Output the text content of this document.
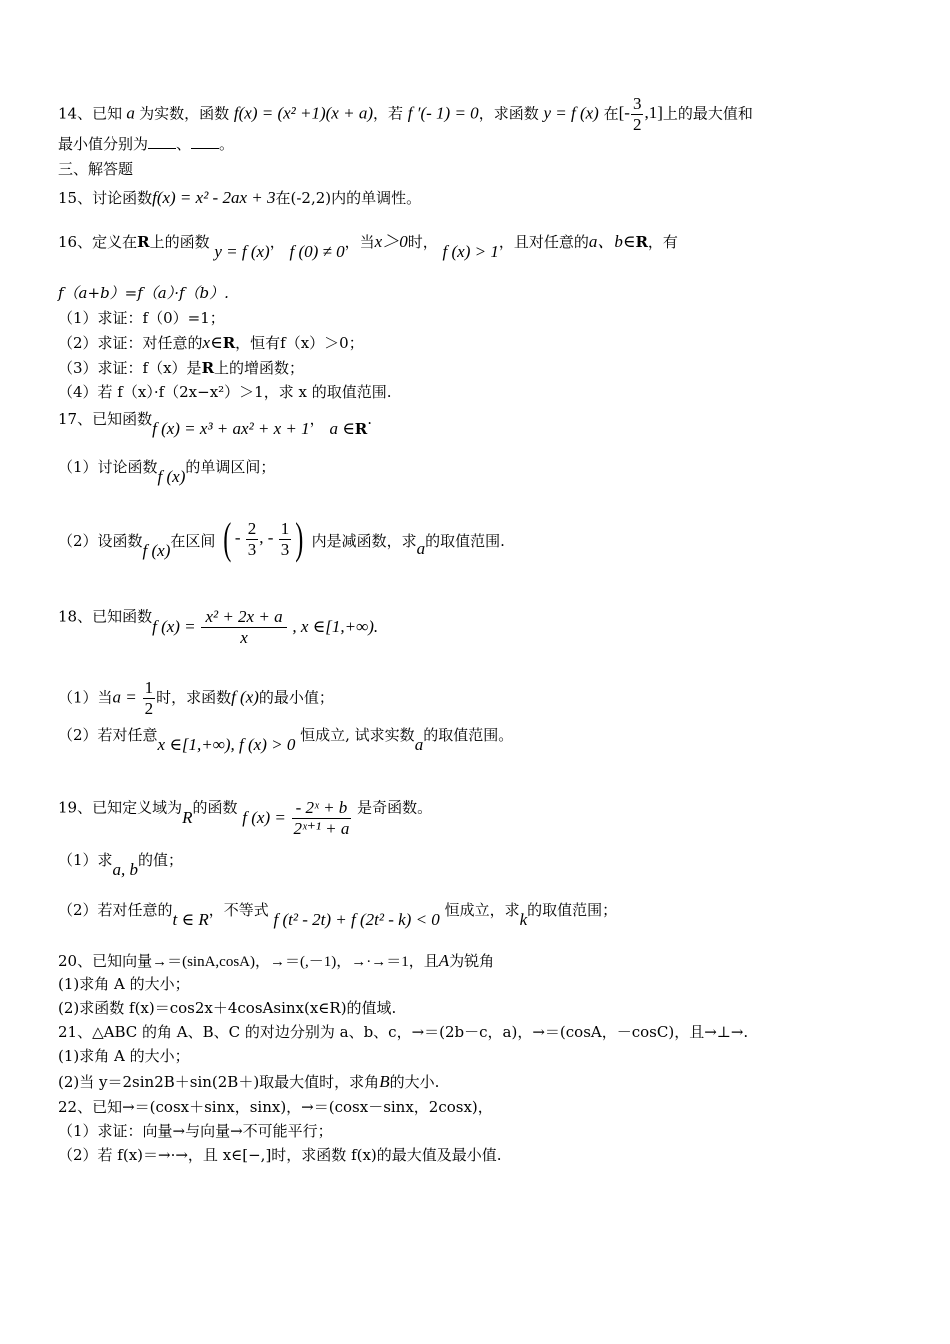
14、已知 a 为实数，函数 f(x) = (x² +1)(x + a)，若 f ′(- 1) = 0，求函数 y = f (x) 在[- $\frac{3}{2} ,1$]上的最大值和
最小值分别为 、 。
三、解答题
15、讨论函数f(x) = x² - 2ax + 3在(-2,2)内的单调性。
16、定义在R上的函数 y = f (x)， f (0) ≠ 0，当x＞0时， f (x) > 1，且对任意的a、b∈R，有
f（a+b）=f（a）·f（b）.
（1）求证：f（0）=1；
（2）求证：对任意的x∈R，恒有f（x）＞0；
（3）求证：f（x）是R上的增函数；
（4）若 f（x）·f（2x−x²）＞1，求 x 的取值范围.
17、已知函数f (x) = x³ + ax² + x + 1， a ∈R.
（1）讨论函数f (x)的单调区间；
（2）设函数f (x)在区间 ( - $\frac{2}{3}$ , - $\frac{1}{3}$ ) 内是减函数，求a的取值范围.
18、已知函数f $(x) = \frac{\text{x² + 2x + a}}{x}$ , x ∈[1,+∞).
（1）当$a = \frac{1}{2}$ 时，求函数f (x)的最小值；
（2）若对任意x ∈[1,+∞), f (x) > 0 恒成立, 试求实数a的取值范围。
19、已知定义域为R的函数 f $(x) = \frac{\text{- 2ˣ + b}}{\text{2ˣ⁺¹ + a}}$ 是奇函数。
（1）求a, b的值；
（2）若对任意的t ∈ R，不等式 f (t² - 2t) + f (2t² - k) < 0 恒成立，求k的取值范围；
20、已知向量→＝(sinA,cosA)，→＝(,－1)，→·→＝1，且A为锐角
(1)求角 A 的大小；
(2)求函数 f(x)＝cos2x＋4cosAsinx(x∈R)的值域.
21、△ABC 的角 A、B、C 的对边分别为 a、b、c，→＝(2b－c，a)，→＝(cosA，－cosC)，且→⊥→.
(1)求角 A 的大小；
(2)当 y＝2sin2B＋sin(2B＋)取最大值时，求角B的大小.
22、已知→＝(cosx＋sinx，sinx)，→＝(cosx－sinx，2cosx)，
（1）求证：向量→与向量→不可能平行；
（2）若 f(x)＝→·→，且 x∈[−,]时，求函数 f(x)的最大值及最小值.
